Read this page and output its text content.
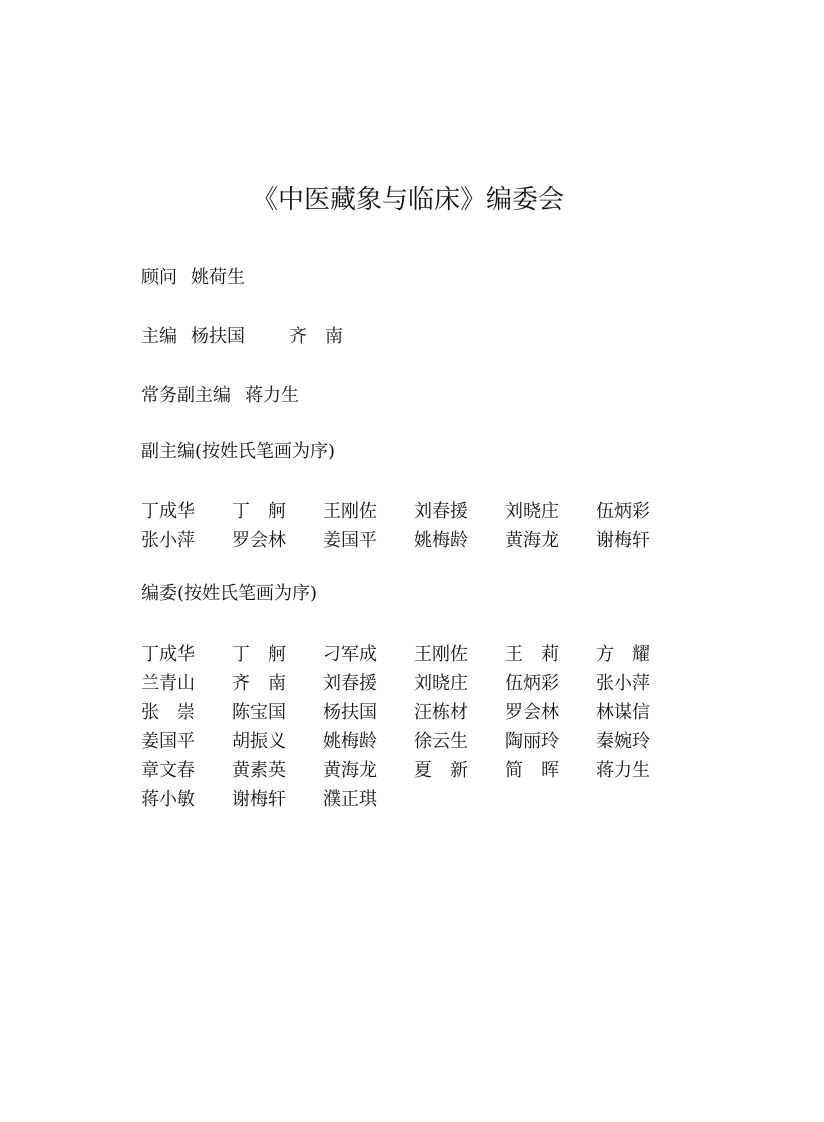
《中医藏象与临床》编委会
顾问 姚荷生
主编 杨扶国 齐　南
常务副主编 蒋力生
副主编(按姓氏笔画为序)
丁成华	丁　舸	王刚佐	刘春援	刘晓庄	伍炳彩
张小萍	罗会林	姜国平	姚梅龄	黄海龙	谢梅轩
编委(按姓氏笔画为序)
丁成华	丁　舸	刁军成	王刚佐	王　莉	方　耀
兰青山	齐　南	刘春援	刘晓庄	伍炳彩	张小萍
张　崇	陈宝国	杨扶国	汪栋材	罗会林	林谋信
姜国平	胡振义	姚梅龄	徐云生	陶丽玲	秦婉玲
章文春	黄素英	黄海龙	夏　新	简　晖	蒋力生
蒋小敏	谢梅轩	濮正琪
